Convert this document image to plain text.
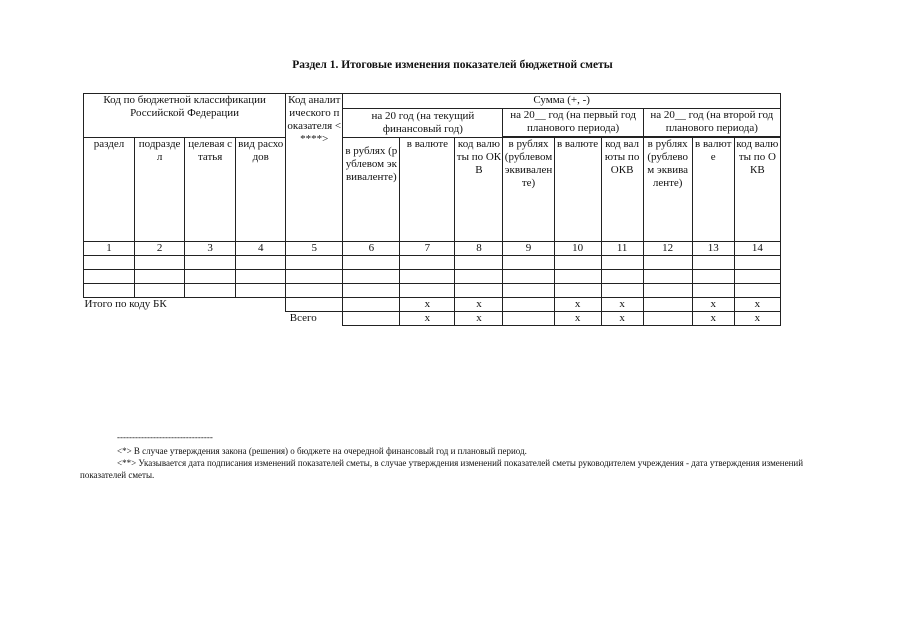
Раздел 1. Итоговые изменения показателей бюджетной сметы
Код по бюджетной классификации Российской Федерации				Код аналитического показателя <****>	Сумма (+, -)								
					на 20 год (на текущий финансовый год)			на 20__ год (на первый год планового периода)			на 20__ год (на второй год планового периода)		

раздел	подраздел	целевая статья	вид расходов		в рублях (рублевом эквиваленте)	в валюте	код валюты по ОКВ	в рублях (рублевом эквиваленте)	в валюте	код валюты по ОКВ	в рублях (рублевом эквиваленте)	в валюте	код валюты по ОКВ
1	2	3	4	5	6	7	8	9	10	11	12	13	14

Итого по коду БК						х	х		х	х		х	х
				Всего		х	х		х	х		х	х
--------------------------------
<*> В случае утверждения закона (решения) о бюджете на очередной финансовый год и плановый период.
<**> Указывается дата подписания изменений показателей сметы, в случае утверждения изменений показателей сметы руководителем учреждения - дата утверждения изменений показателей сметы.
